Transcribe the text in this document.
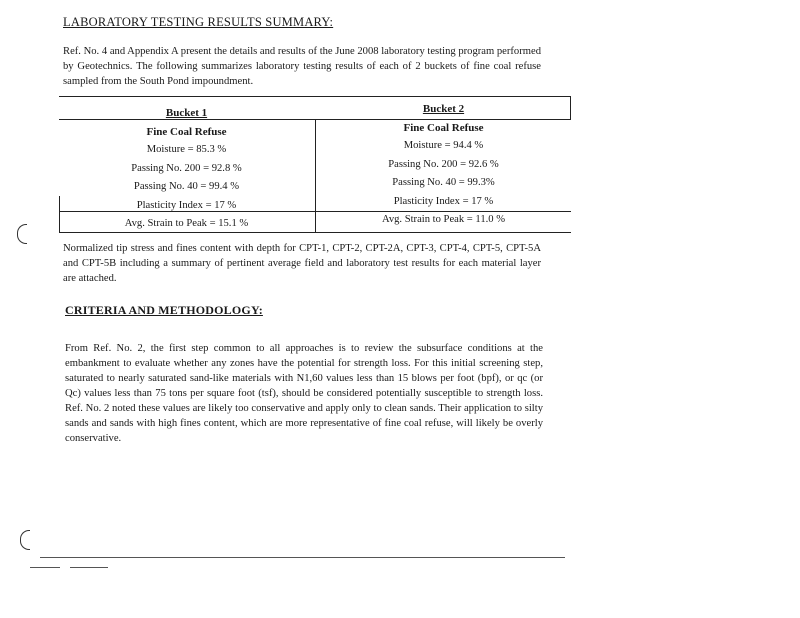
LABORATORY TESTING RESULTS SUMMARY:

Ref. No. 4 and Appendix A present the details and results of the June 2008 laboratory testing program performed by Geotechnics. The following summarizes laboratory testing results of each of 2 buckets of fine coal refuse sampled from the South Pond impoundment.

Bucket 1
Fine Coal Refuse
Moisture = 85.3 %
Passing No. 200 = 92.8 %
Passing No. 40 = 99.4 %
Plasticity Index = 17 %
Avg. Strain to Peak = 15.1 %
Bucket 2
Fine Coal Refuse
Moisture = 94.4 %
Passing No. 200 = 92.6 %
Passing No. 40 = 99.3%
Plasticity Index = 17 %
Avg. Strain to Peak = 11.0 %

Normalized tip stress and fines content with depth for CPT-1, CPT-2, CPT-2A, CPT-3, CPT-4, CPT-5, CPT-5A and CPT-5B including a summary of pertinent average field and laboratory test results for each material layer are attached.

CRITERIA AND METHODOLOGY:

From Ref. No. 2, the first step common to all approaches is to review the subsurface conditions at the embankment to evaluate whether any zones have the potential for strength loss. For this initial screening step, saturated to nearly saturated sand-like materials with N1,60 values less than 15 blows per foot (bpf), or qc (or Qc) values less than 75 tons per square foot (tsf), should be considered potentially susceptible to strength loss. Ref. No. 2 noted these values are likely too conservative and apply only to clean sands. Their application to silty sands and sands with high fines content, which are more representative of fine coal refuse, will likely be overly conservative.
